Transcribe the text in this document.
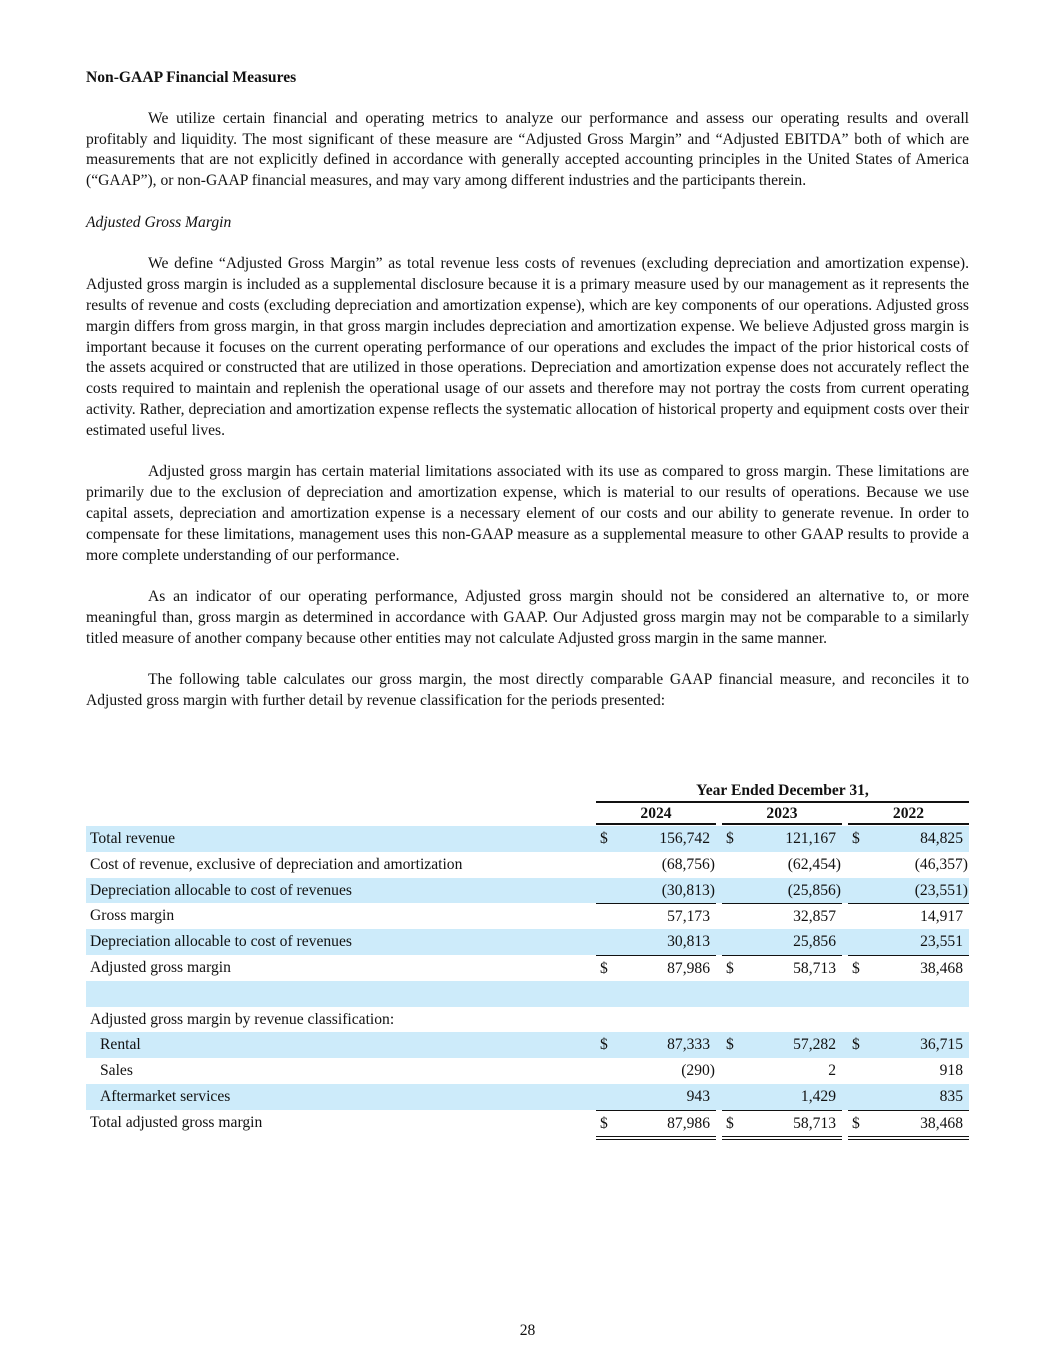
Non-GAAP Financial Measures

We utilize certain financial and operating metrics to analyze our performance and assess our operating results and overall profitably and liquidity. The most significant of these measure are “Adjusted Gross Margin” and “Adjusted EBITDA” both of which are measurements that are not explicitly defined in accordance with generally accepted accounting principles in the United States of America (“GAAP”), or non-GAAP financial measures, and may vary among different industries and the participants therein.

Adjusted Gross Margin

We define “Adjusted Gross Margin” as total revenue less costs of revenues (excluding depreciation and amortization expense). Adjusted gross margin is included as a supplemental disclosure because it is a primary measure used by our management as it represents the results of revenue and costs (excluding depreciation and amortization expense), which are key components of our operations. Adjusted gross margin differs from gross margin, in that gross margin includes depreciation and amortization expense. We believe Adjusted gross margin is important because it focuses on the current operating performance of our operations and excludes the impact of the prior historical costs of the assets acquired or constructed that are utilized in those operations. Depreciation and amortization expense does not accurately reflect the costs required to maintain and replenish the operational usage of our assets and therefore may not portray the costs from current operating activity. Rather, depreciation and amortization expense reflects the systematic allocation of historical property and equipment costs over their estimated useful lives.

Adjusted gross margin has certain material limitations associated with its use as compared to gross margin. These limitations are primarily due to the exclusion of depreciation and amortization expense, which is material to our results of operations. Because we use capital assets, depreciation and amortization expense is a necessary element of our costs and our ability to generate revenue. In order to compensate for these limitations, management uses this non-GAAP measure as a supplemental measure to other GAAP results to provide a more complete understanding of our performance.

As an indicator of our operating performance, Adjusted gross margin should not be considered an alternative to, or more meaningful than, gross margin as determined in accordance with GAAP. Our Adjusted gross margin may not be comparable to a similarly titled measure of another company because other entities may not calculate Adjusted gross margin in the same manner.

The following table calculates our gross margin, the most directly comparable GAAP financial measure, and reconciles it to Adjusted gross margin with further detail by revenue classification for the periods presented:

Year Ended December 31,
2024	2023	2022
Total revenue	$	156,742 $	121,167 $	84,825
Cost of revenue, exclusive of depreciation and amortization	(68,756)	(62,454)	(46,357)
Depreciation allocable to cost of revenues	(30,813)	(25,856)	(23,551)
Gross margin	57,173	32,857	14,917
Depreciation allocable to cost of revenues	30,813	25,856	23,551
Adjusted gross margin	$	87,986 $	58,713 $	38,468
Adjusted gross margin by revenue classification:
Rental	$	87,333 $	57,282 $	36,715
Sales	(290)	2	918
Aftermarket services	943	1,429	835
Total adjusted gross margin	$	87,986 $	58,713 $	38,468
28
